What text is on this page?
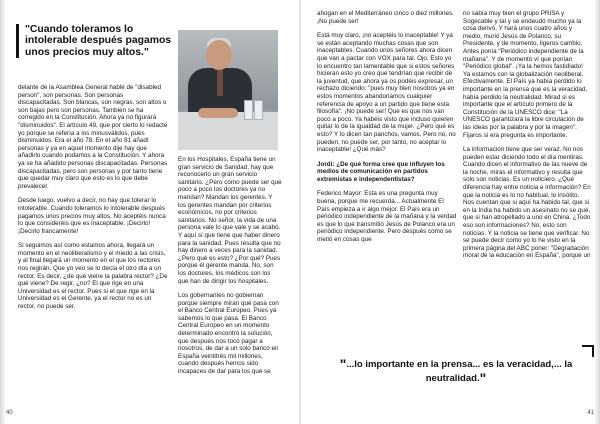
"Cuando toleramos lo intolerable después pagamos unos precios muy altos."

delante de la Asamblea General hablé de "disabled person", son personas. Son personas discapacitadas. Son blancas, son negras, son altos o son bajas pero son personas. También se ha corregido en la Constitución. Ahora ya no figurará "disminuidos". El artículo 49, que por cierto lo redacté yo porque se refería a los minusválidos, pues disminuidos. Era el año 78. En el año 81 añadí personas y ya en aquel momento dije hay que añadirlo cuando podamos a la Constitución. Y ahora ya se ha añadido personas discapacitadas. Personas discapacitadas, pero son personas y por tanto tiene que quedar muy claro que esto es lo que debe prevalecer.

Desde luego, vuelvo a decir, no hay que tolerar lo intolerable. Cuando toleramos lo intolerable después pagamos unos precios muy altos. No aceptéis nunca lo que consideréis que es inaceptable. ¡Decirlo! ¡Decirlo francamente!

Si seguimos así como estamos ahora, llegará un momento en el neoliberalismo y el miedo a las crisis, y al final llegará un momento en el que los rectores nos regirán. Que yo veo se lo decía el otro día a un rector. Es decir, ¿de qué viene la palabra rector? ¿De qué viene? De regir, ¿no? El que rige en una Universidad es el rector. Pues si el que rige en la Universidad es el Gerente, ya el rector no es un rector, no puede ser.

En los Hospitales, España tiene un gran servicio de Sanidad, hay que reconocerlo un gran servicio sanitario. ¿Pero cómo puede ser que poco a poco los doctores ya no mandan? Mandan los gerentes. Y los gerentes mandan por criterios económicos, no por criterios sanitarios. No señor, la vida de una persona vale lo que vale y se acabó. Y aquí sí que tiene que haber dinero para la sanidad. Pues resulta que no hay dinero a veces para la sanidad. ¿Pero qué es esto? ¿Por qué? Pues porque el gerente manda. No, son los doctores, los médicos son los que han de dirigir los hospitales.

Los gobernantes no gobiernan porque siempre miran qué pasa con el Banco Central Europeo. Pues ya sabemos lo que pasa. El Banco Central Europeo en un momento determinado encontró la solución, que después nos tocó pagar a nosotros, de dar a un solo banco en España veintitrés mil millones, cuando después hemos sido incapaces de dar para los que se

40

ahogan en el Mediterráneo cinco o diez millones. ¡No puede ser!

Está muy claro, ¡no aceptéis lo inaceptable! Y ya se están aceptando muchas cosas que son inaceptables. Cuando unos señores ahora dicen que van a pactar con VOX para tal. Ojo. Esto yo lo encuentro tan lamentable que si estos señores hicieran esto yo creo que tendrían que recibir de la juventud, que ahora ya os podéis expresar, un rechazo diciendo: "pues muy bien nosotros ya en estos momentos abandonamos cualquier referencia de apoyo a un partido que tiene esta filosofía". ¡No puede ser! Que es que nos van poco a poco. Ya habéis visto que incluso quieren quitar lo de la igualdad de la mujer. ¿Pero qué es esto? Y lo dicen tan panchos, vamos. Pero no, no pueden, no puede ser, por tanto, no aceptar lo inaceptable! ¿Qué más?

Jordi: ¿De qué forma cree que influyen los medios de comunicación en partidos extremistas e independentistas?

Federico Mayor: Esta es una pregunta muy buena, porque me recuerda... Actualmente El País empieza a ir algo mejor. El País era un periódico independiente de la mañana y la verdad es que lo que transmitió Jesús de Polanco era un periódico independiente. Pero después como se metió en cosas que

no sabía muy bien el grupo PRISA y Sogecable y tal y se endeudó mucho ya la cosa derivó. Y hará unos cuatro años y medio, murió Jesús de Polanco, su Presidente, y de momento, ligeros cambio. Antes ponía "Periódico independiente de la mañana". Y de momento ví que ponían "Periódico global". ¡Ya la hemos fastidiado! Ya estamos con la globalización neoliberal. Efectivamente. El País ya había perdido lo importante en la prensa que es la veracidad, había perdido la neutralidad. Mirad si es importante que el artículo primero de la Constitución de la UNESCO dice: "La UNESCO garantizará la libre circulación de las ideas por la palabra y por la imagen". Fijaros si era pregunta es importante.

La información tiene que ser veraz. No nos pueden estar diciendo todo el día mentiras. Cuando dicen el informativo de las nueve de la noche, miras el informativo y resulta que solo son noticias. Es un noticiero. ¿Qué diferencia hay entre noticia e información? En que la noticia es lo no habitual, lo insólito. Nos cuentan que si aquí ha habido tal, que si en la India ha habido un asesinato no se qué, que si han atropellado a uno en China. ¿Todo eso son informaciones? No, esto son noticias. Y la noticia se tiene que verificar. No se puede decir como yo lo he visto en la primera página del ABC poner: "Degradación moral de la educación en España", porque un

"...lo importante en la prensa... es la veracidad,... la neutralidad."
41
